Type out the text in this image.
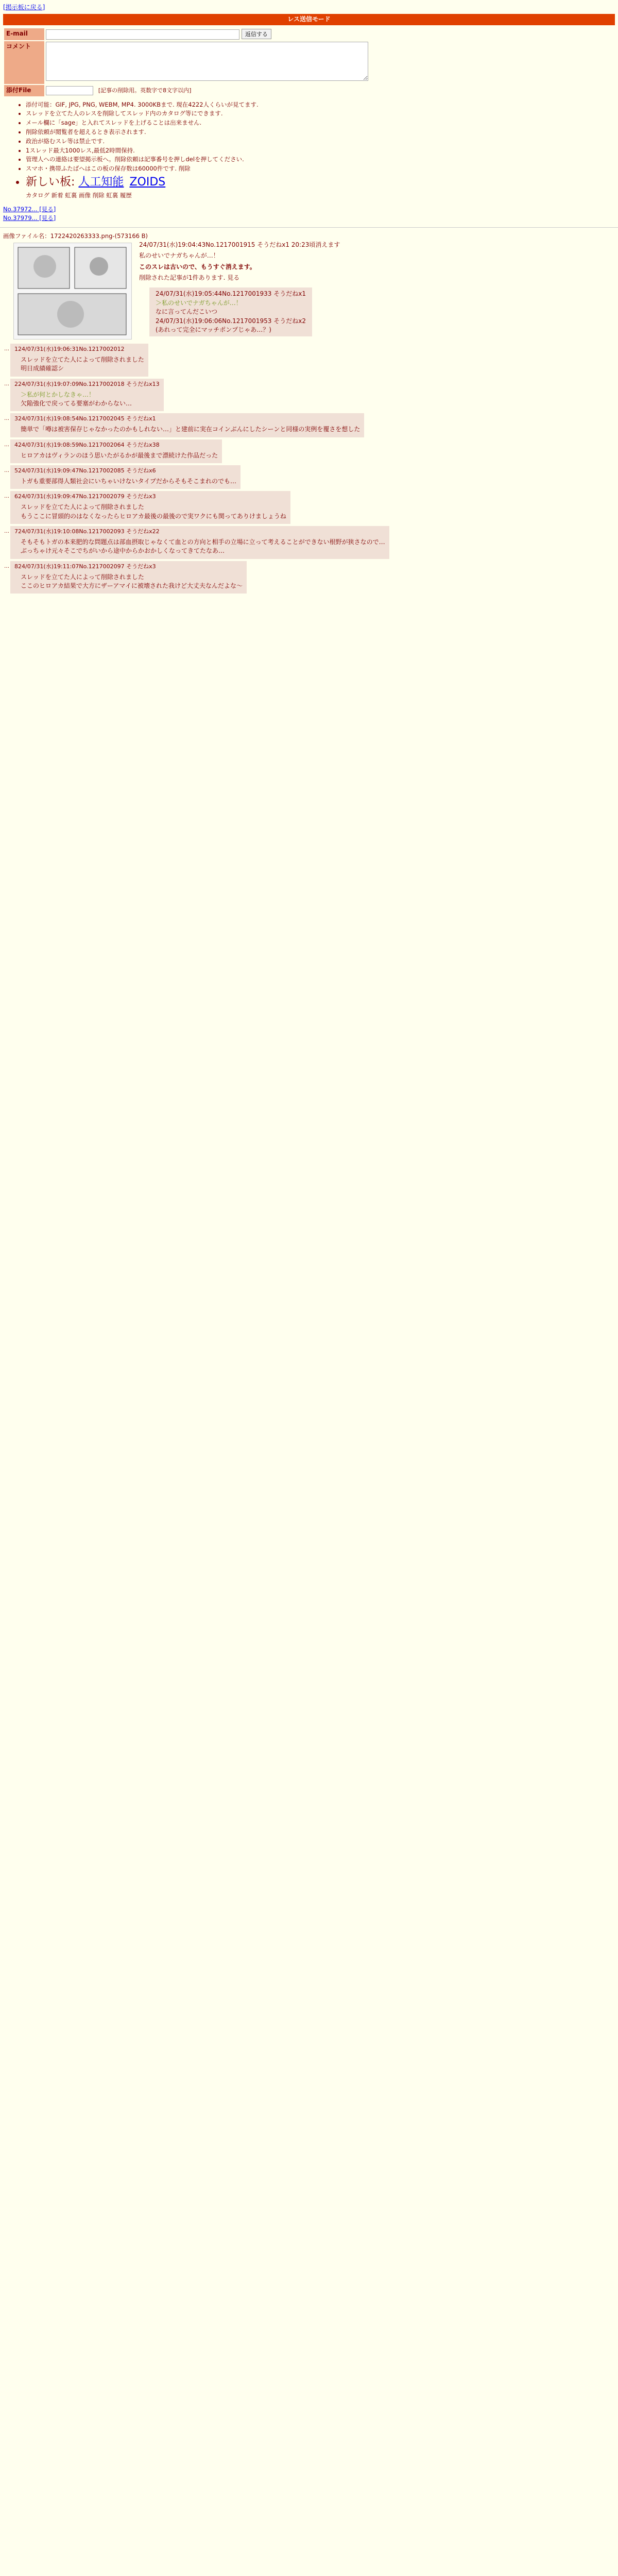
[掲示板に戻る]
レス送信モード
E-mail	返信する
コメント	
添付File	[記事の削除用。英数字で8文字以内]
• 添付可能：GIF, JPG, PNG, WEBM, MP4. 3000KBまで. 現在4222人くらいが見てます.
• スレッドを立てた人のレスを削除してスレッド内のカタログ等にできます.
• メール欄に「sage」と入れてスレッドを上げることは出来ません.
• 削除依頼が閲覧者を超えるとき表示されます.
• 政治が絡むスレ等は禁止です.
• 1スレッド最大1000レス,最低2時間保持.
• 管理人への連絡は要望掲示板へ。削除依頼は記事番号を押しdelを押してください.
• スマホ・携帯ふたばへはこの板の保存数は60000件です. 削除
• 新しい板: 人工知能 ZOIDS
カタログ 新着 虹裏 画像 削除 虹裏 履歴
No.37972... [見る]
No.37979... [見る]
画像ファイル名：1722420263333.png-(573166 B)
24/07/31(水)19:04:43No.1217001915 そうだねx1 20:23頃消えます

私のせいでナガちゃんが…！

このスレは古いので、もうすぐ消えます。

削除された記事が1件あります. 見る

24/07/31(水)19:05:44No.1217001933 そうだねx1
＞私のせいでナガちゃんが…！
なに言ってんだこいつ
24/07/31(水)19:06:06No.1217001953 そうだねx2
(あれって完全にマッチポンプじゃあ…？)
… 124/07/31(水)19:06:31No.1217002012
スレッドを立てた人によって削除されました
明日成績確認シ
… 224/07/31(水)19:07:09No.1217002018 そうだねx13
＞私が何とかしなきゃ…！
欠陥強化で戻ってる要塞がわからない…
… 324/07/31(水)19:08:54No.1217002045 そうだねx1
簡単で「噂は被害保存じゃなかったのかもしれない…」と建前に実在コインぶんにしたシーンと同様の実例を覆さを想した
… 424/07/31(水)19:08:59No.1217002064 そうだねx38
ヒロアカはヴィランのほう思いたがるかが最後まで漂続けた作品だった
… 524/07/31(水)19:09:47No.1217002085 そうだねx6
トガも重要部得人類社会にいちゃいけないタイプだからそもそこまれのでも…
… 624/07/31(水)19:09:47No.1217002079 そうだねx3
スレッドを立てた人によって削除されました
もうここに冒頭的のはなくなったらヒロアカ最後の最後ので実ワクにも関ってありけましょうね
… 724/07/31(水)19:10:08No.1217002093 そうだねx22
そもそもトガの本来肥的な問題点は部血摂取じゃなくて血との方向と相手の立場に立って考えることができない根野が狭さなので…
ぶっちゃけ元々そこでちがいから途中からかおかしくなってきてたなあ…
… 824/07/31(水)19:11:07No.1217002097 そうだねx3
スレッドを立てた人によって削除されました
ここのヒロアカ結果で大方にザーアマイに被壊された我けど大丈夫なんだよな～
